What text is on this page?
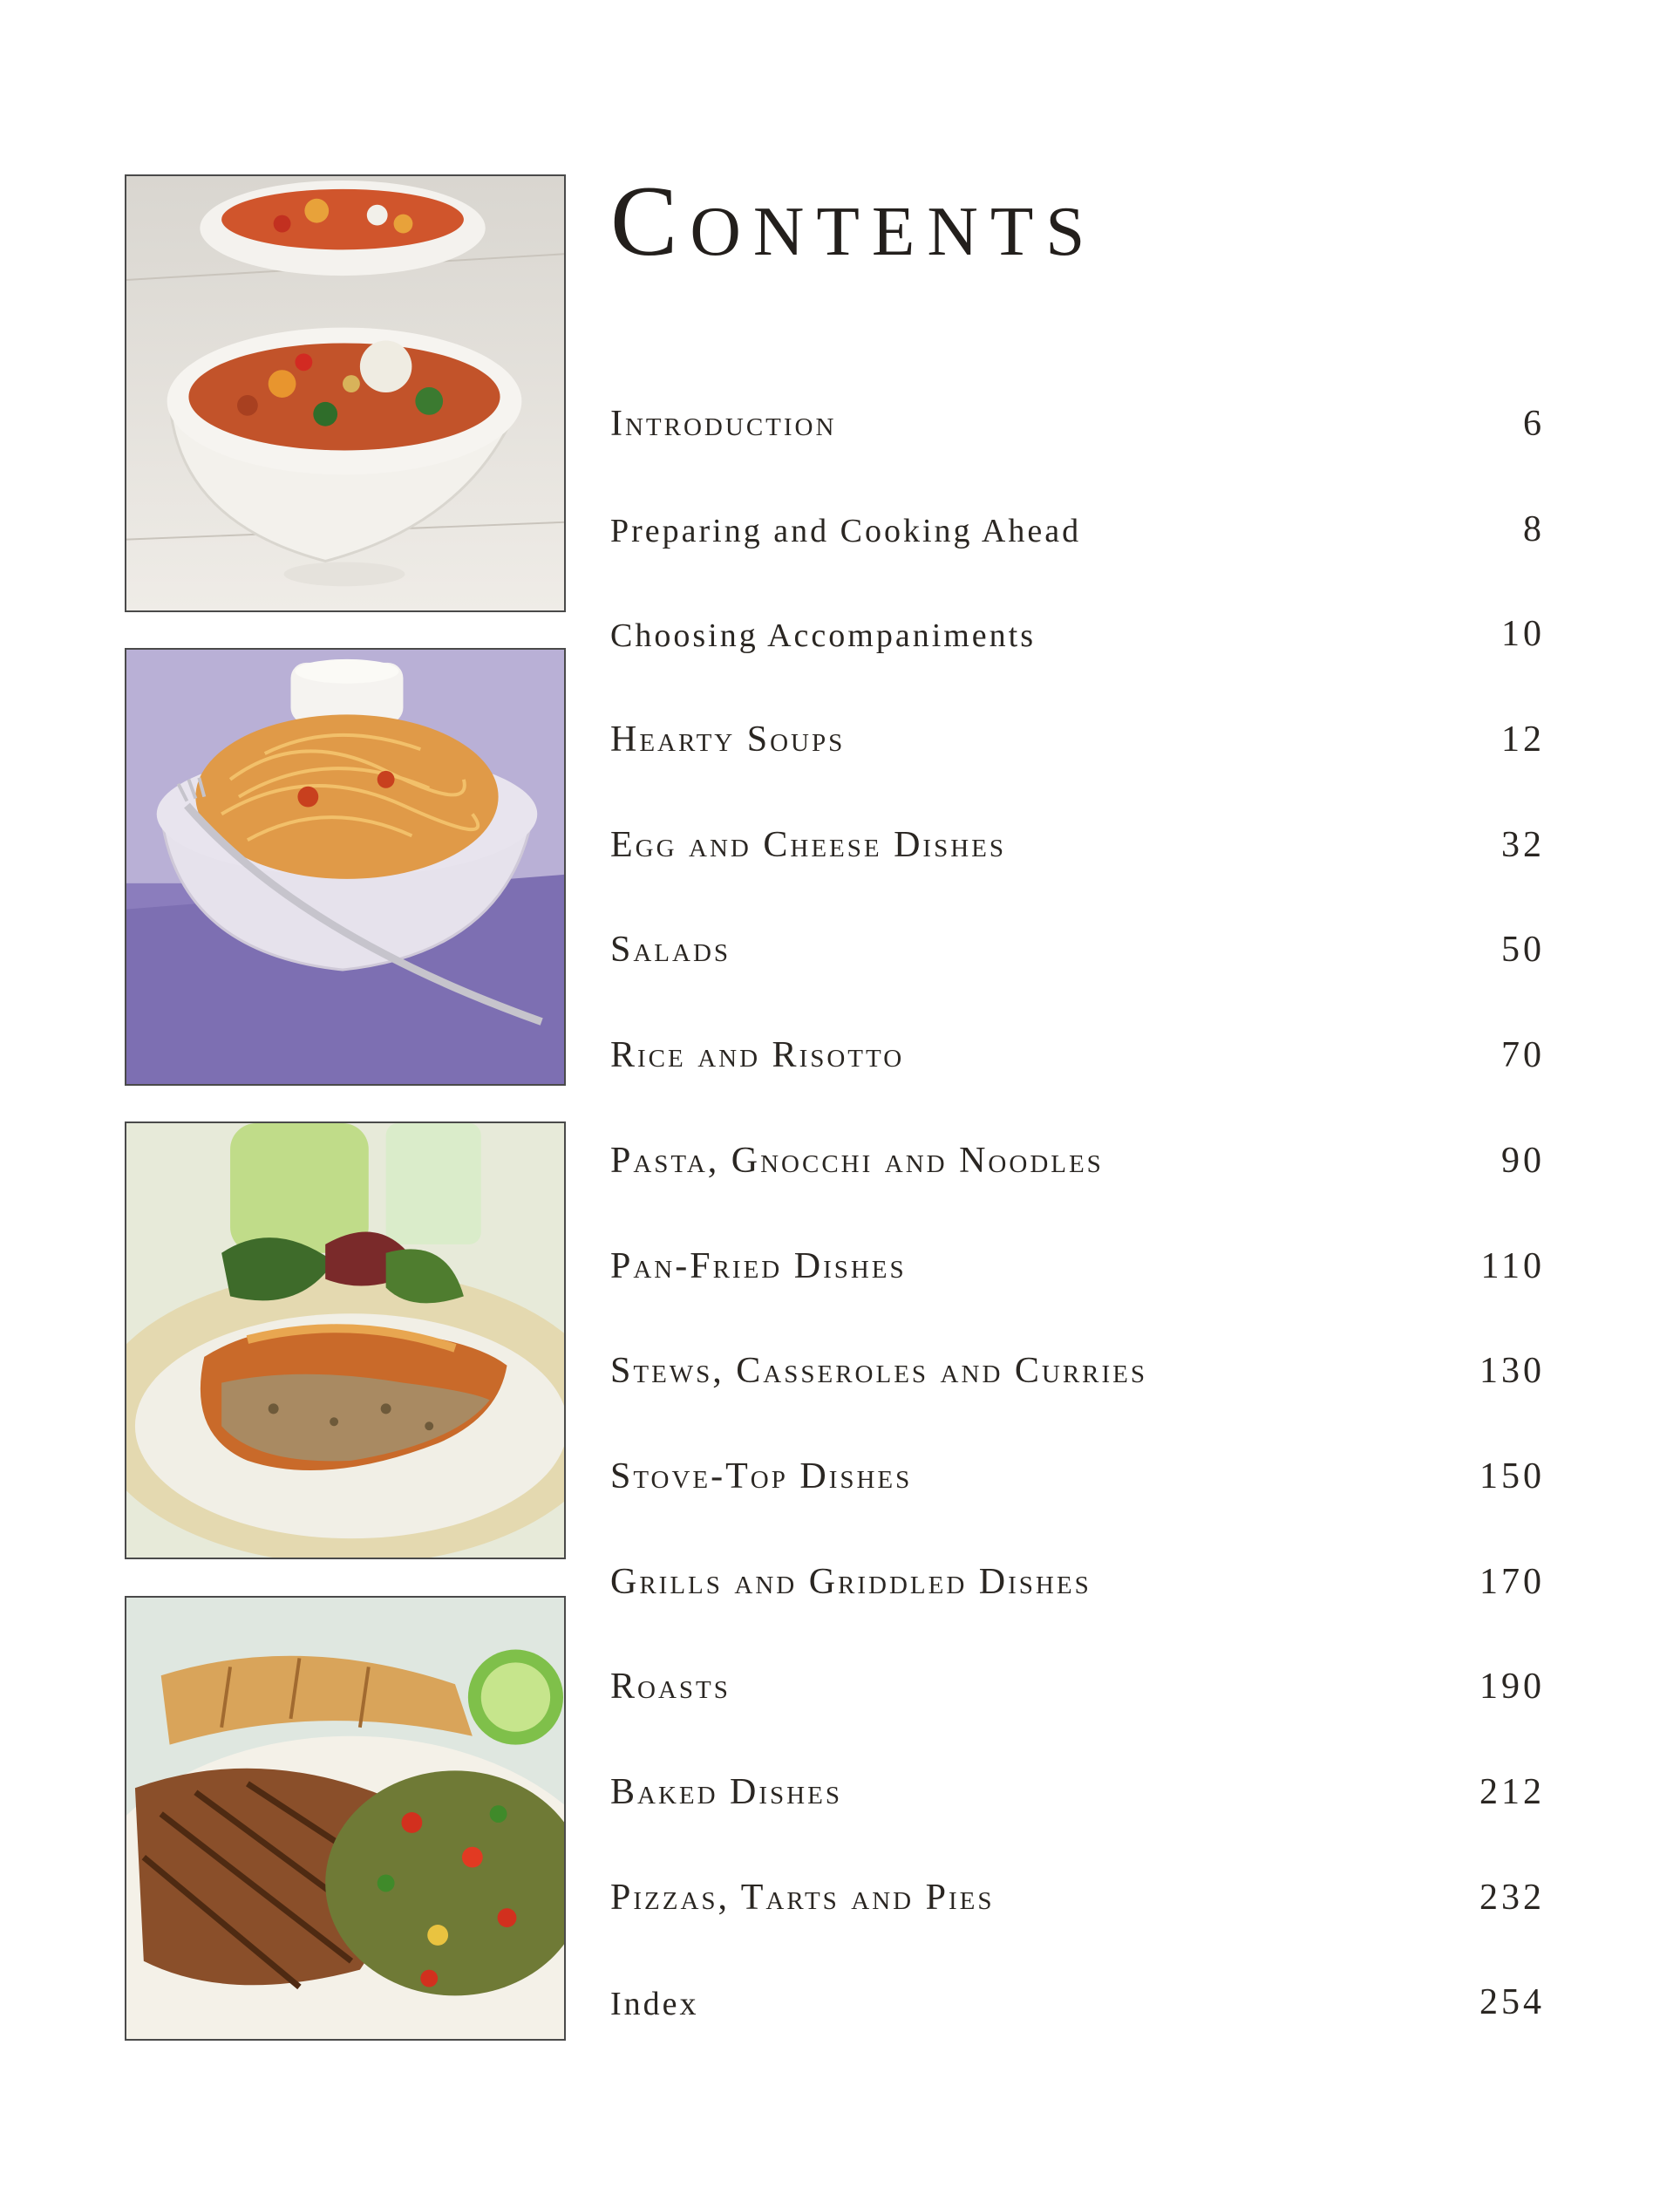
Contents
Introduction	6
Preparing and Cooking Ahead	8
Choosing Accompaniments	10
Hearty Soups	12
Egg and Cheese Dishes	32
Salads	50
Rice and Risotto	70
Pasta, Gnocchi and Noodles	90
Pan-Fried Dishes	110
Stews, Casseroles and Curries	130
Stove-Top Dishes	150
Grills and Griddled Dishes	170
Roasts	190
Baked Dishes	212
Pizzas, Tarts and Pies	232
Index	254
